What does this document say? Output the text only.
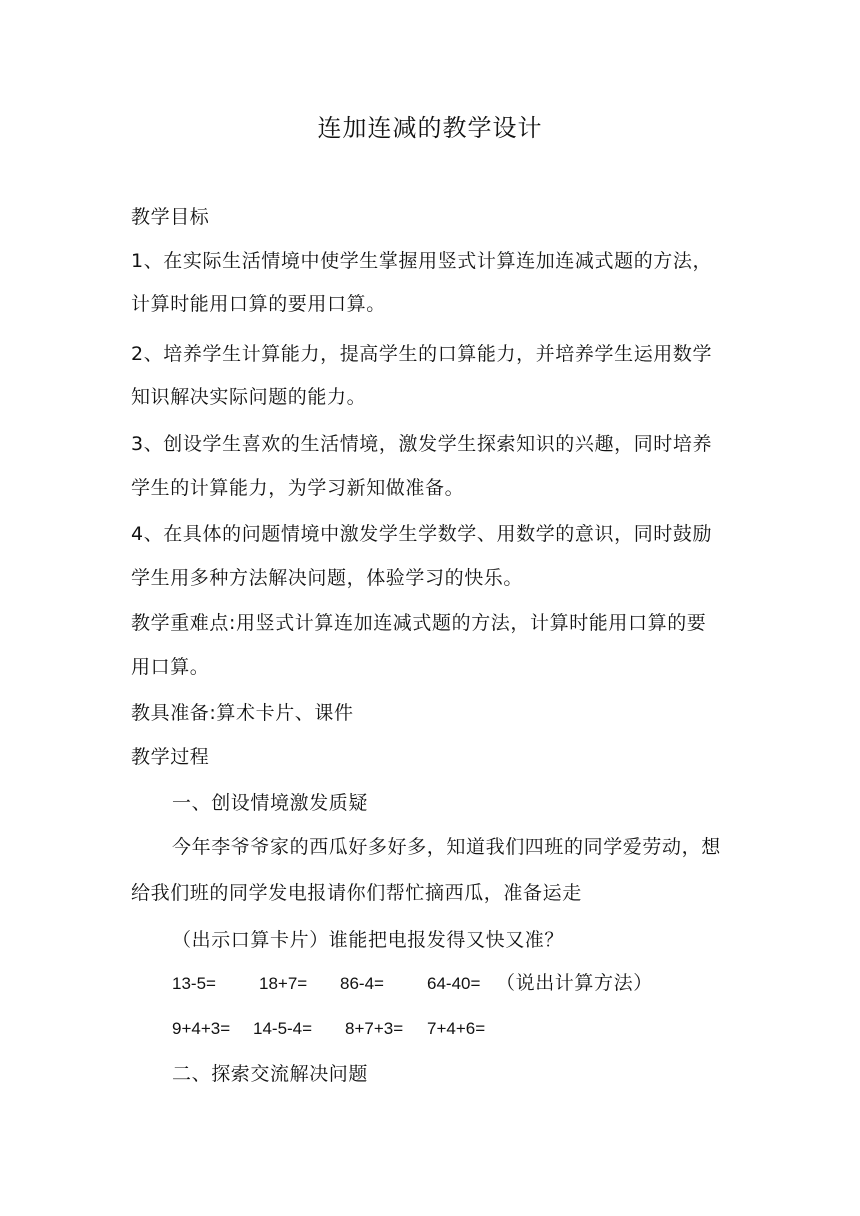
连加连减的教学设计
教学目标
1、在实际生活情境中使学生掌握用竖式计算连加连减式题的方法，
计算时能用口算的要用口算。
2、培养学生计算能力，提高学生的口算能力，并培养学生运用数学
知识解决实际问题的能力。
3、创设学生喜欢的生活情境，激发学生探索知识的兴趣，同时培养
学生的计算能力，为学习新知做准备。
4、在具体的问题情境中激发学生学数学、用数学的意识，同时鼓励
学生用多种方法解决问题，体验学习的快乐。
教学重难点:用竖式计算连加连减式题的方法，计算时能用口算的要
用口算。
教具准备:算术卡片、课件
教学过程
一、创设情境激发质疑
今年李爷爷家的西瓜好多好多，知道我们四班的同学爱劳动，想
给我们班的同学发电报请你们帮忙摘西瓜，准备运走
（出示口算卡片）谁能把电报发得又快又准？
13-5=	18+7= 86-4=	64-40= （说出计算方法）
9+4+3= 14-5-4= 8+7+3= 7+4+6=
二、探索交流解决问题
